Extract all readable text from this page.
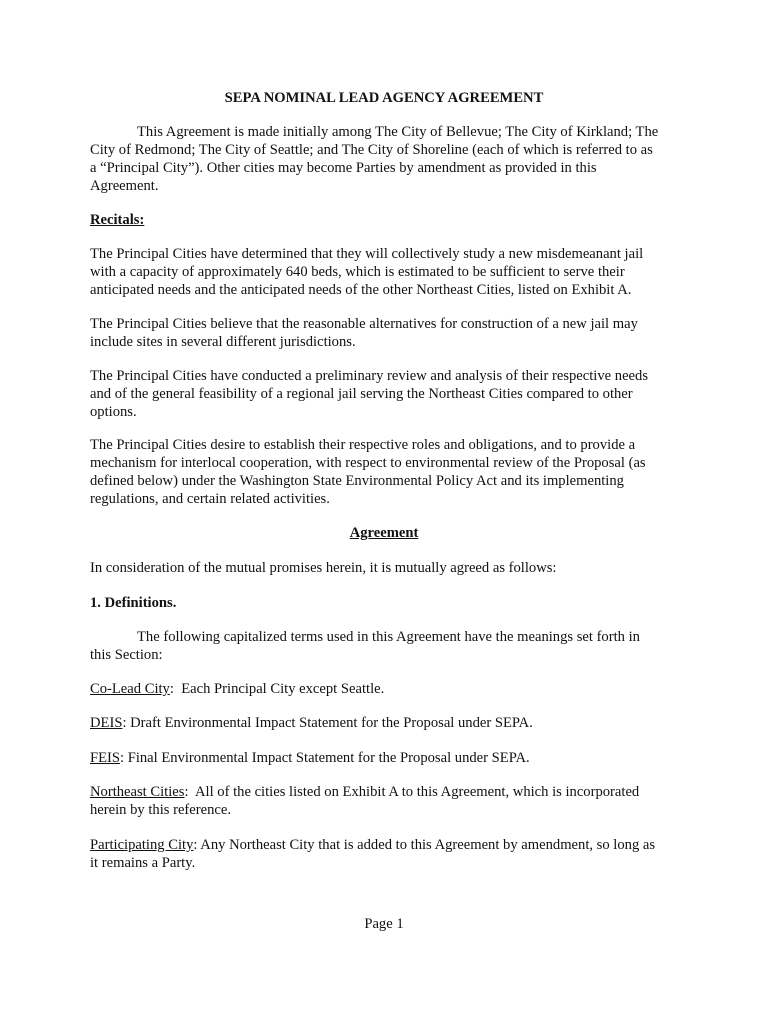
SEPA NOMINAL LEAD AGENCY AGREEMENT

This Agreement is made initially among The City of Bellevue; The City of Kirkland; The

City of Redmond; The City of Seattle; and The City of Shoreline (each of which is referred to as

a “Principal City”). Other cities may become Parties by amendment as provided in this

Agreement.

Recitals:

The Principal Cities have determined that they will collectively study a new misdemeanant jail

with a capacity of approximately 640 beds, which is estimated to be sufficient to serve their

anticipated needs and the anticipated needs of the other Northeast Cities, listed on Exhibit A.

The Principal Cities believe that the reasonable alternatives for construction of a new jail may

include sites in several different jurisdictions.

The Principal Cities have conducted a preliminary review and analysis of their respective needs

and of the general feasibility of a regional jail serving the Northeast Cities compared to other

options.

The Principal Cities desire to establish their respective roles and obligations, and to provide a

mechanism for interlocal cooperation, with respect to environmental review of the Proposal (as

defined below) under the Washington State Environmental Policy Act and its implementing

regulations, and certain related activities.

Agreement

In consideration of the mutual promises herein, it is mutually agreed as follows:

1. Definitions.

The following capitalized terms used in this Agreement have the meanings set forth in

this Section:

Co-Lead City:  Each Principal City except Seattle.

DEIS: Draft Environmental Impact Statement for the Proposal under SEPA.

FEIS: Final Environmental Impact Statement for the Proposal under SEPA.

Northeast Cities:  All of the cities listed on Exhibit A to this Agreement, which is incorporated

herein by this reference.

Participating City: Any Northeast City that is added to this Agreement by amendment, so long as

it remains a Party.

Page 1
